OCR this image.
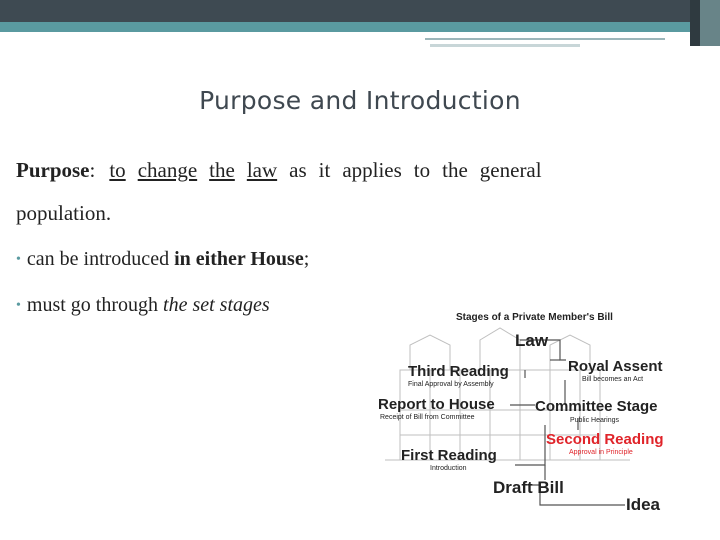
Purpose and Introduction
Purpose: to change the law as it applies to the general
population.
• can be introduced in either House;
• must go through the set stages
Stages of a Private Member's Bill
Law
Third Reading
Final Approval by Assembly
Royal Assent
Bill becomes an Act
Report to House
Receipt of Bill from Committee
Committee Stage
Public Hearings
Second Reading
Approval in Principle
First Reading
Introduction
Draft Bill
Idea
